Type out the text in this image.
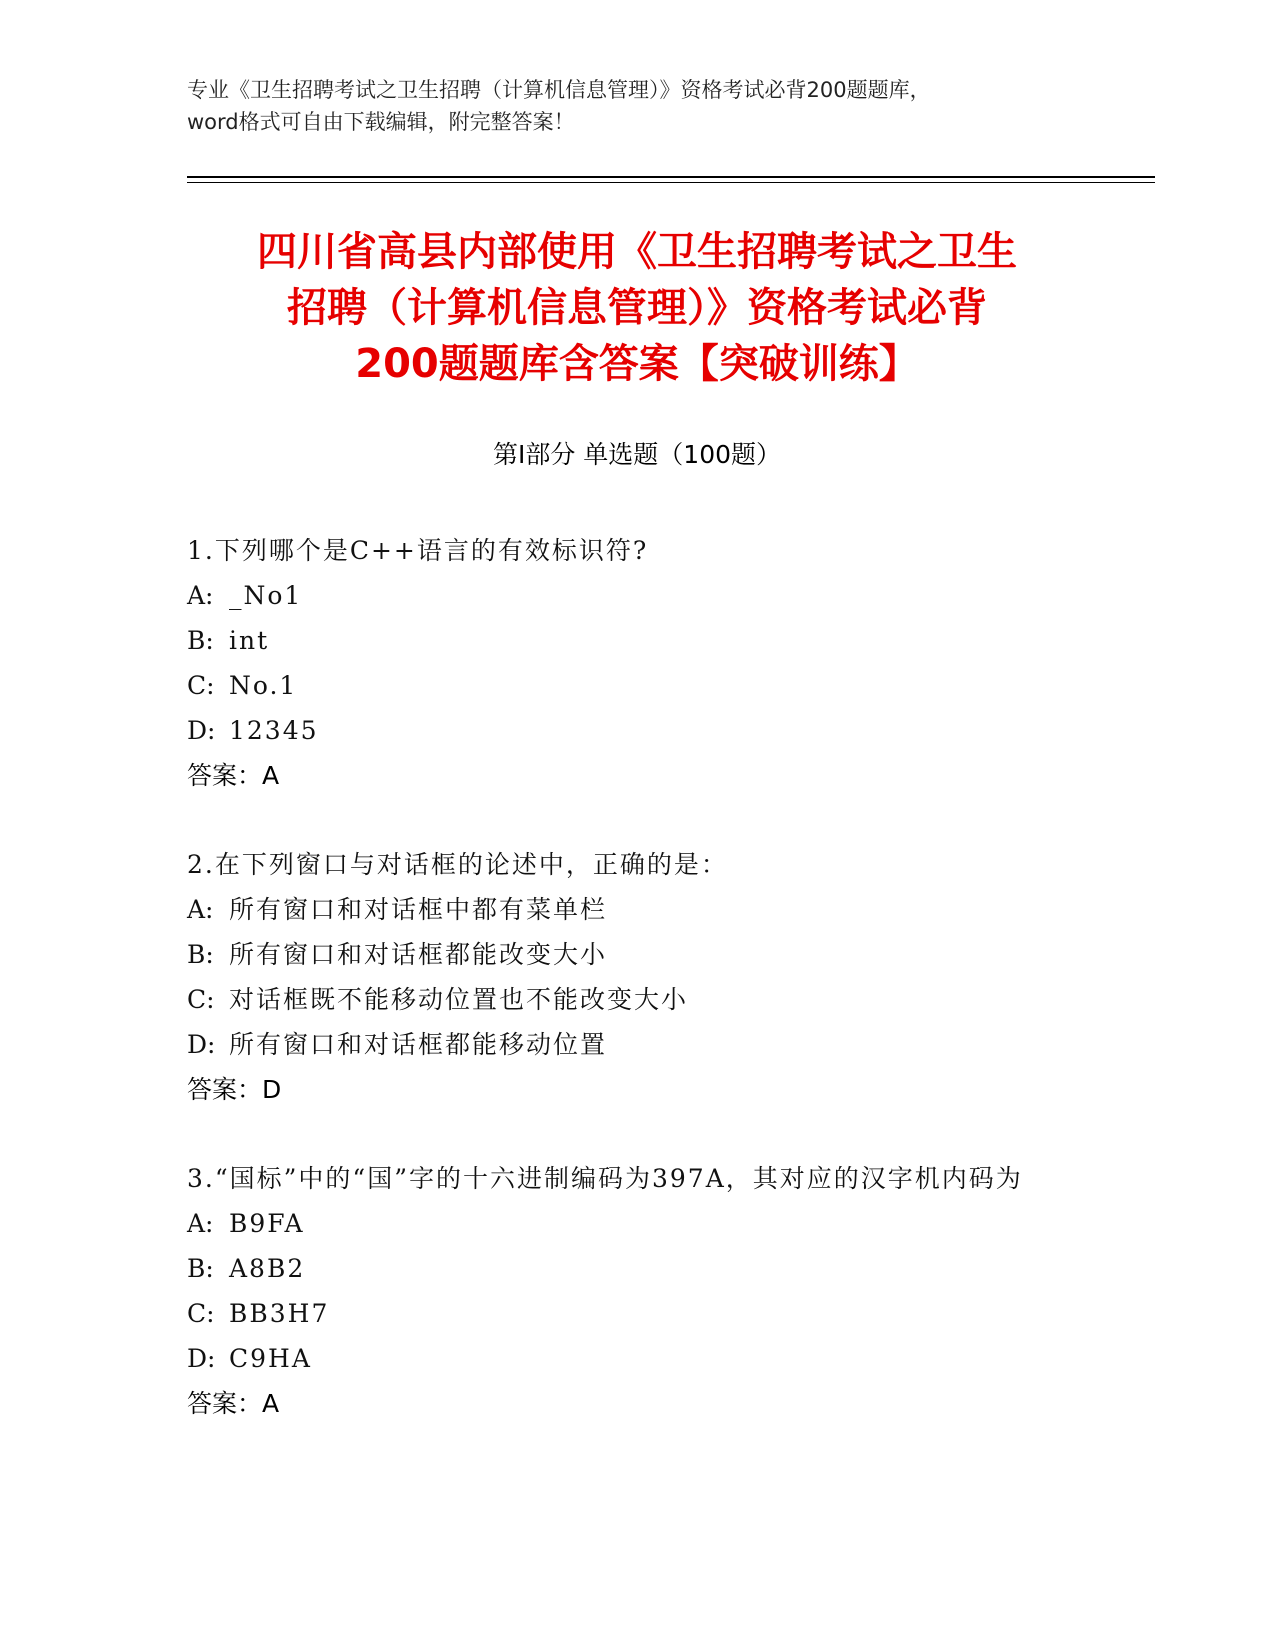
专业《卫生招聘考试之卫生招聘（计算机信息管理）》资格考试必背200题题库，
word格式可自由下载编辑，附完整答案！
四川省高县内部使用《卫生招聘考试之卫生
招聘（计算机信息管理）》资格考试必背
200题题库含答案【突破训练】
第Ⅰ部分 单选题（100题）
1.下列哪个是C++语言的有效标识符?
A: _No1
B: int
C: No.1
D: 12345
答案：A
2.在下列窗口与对话框的论述中，正确的是：
A: 所有窗口和对话框中都有菜单栏
B: 所有窗口和对话框都能改变大小
C: 对话框既不能移动位置也不能改变大小
D: 所有窗口和对话框都能移动位置
答案：D
3.“国标”中的“国”字的十六进制编码为397A，其对应的汉字机内码为
A: B9FA
B: A8B2
C: BB3H7
D: C9HA
答案：A
